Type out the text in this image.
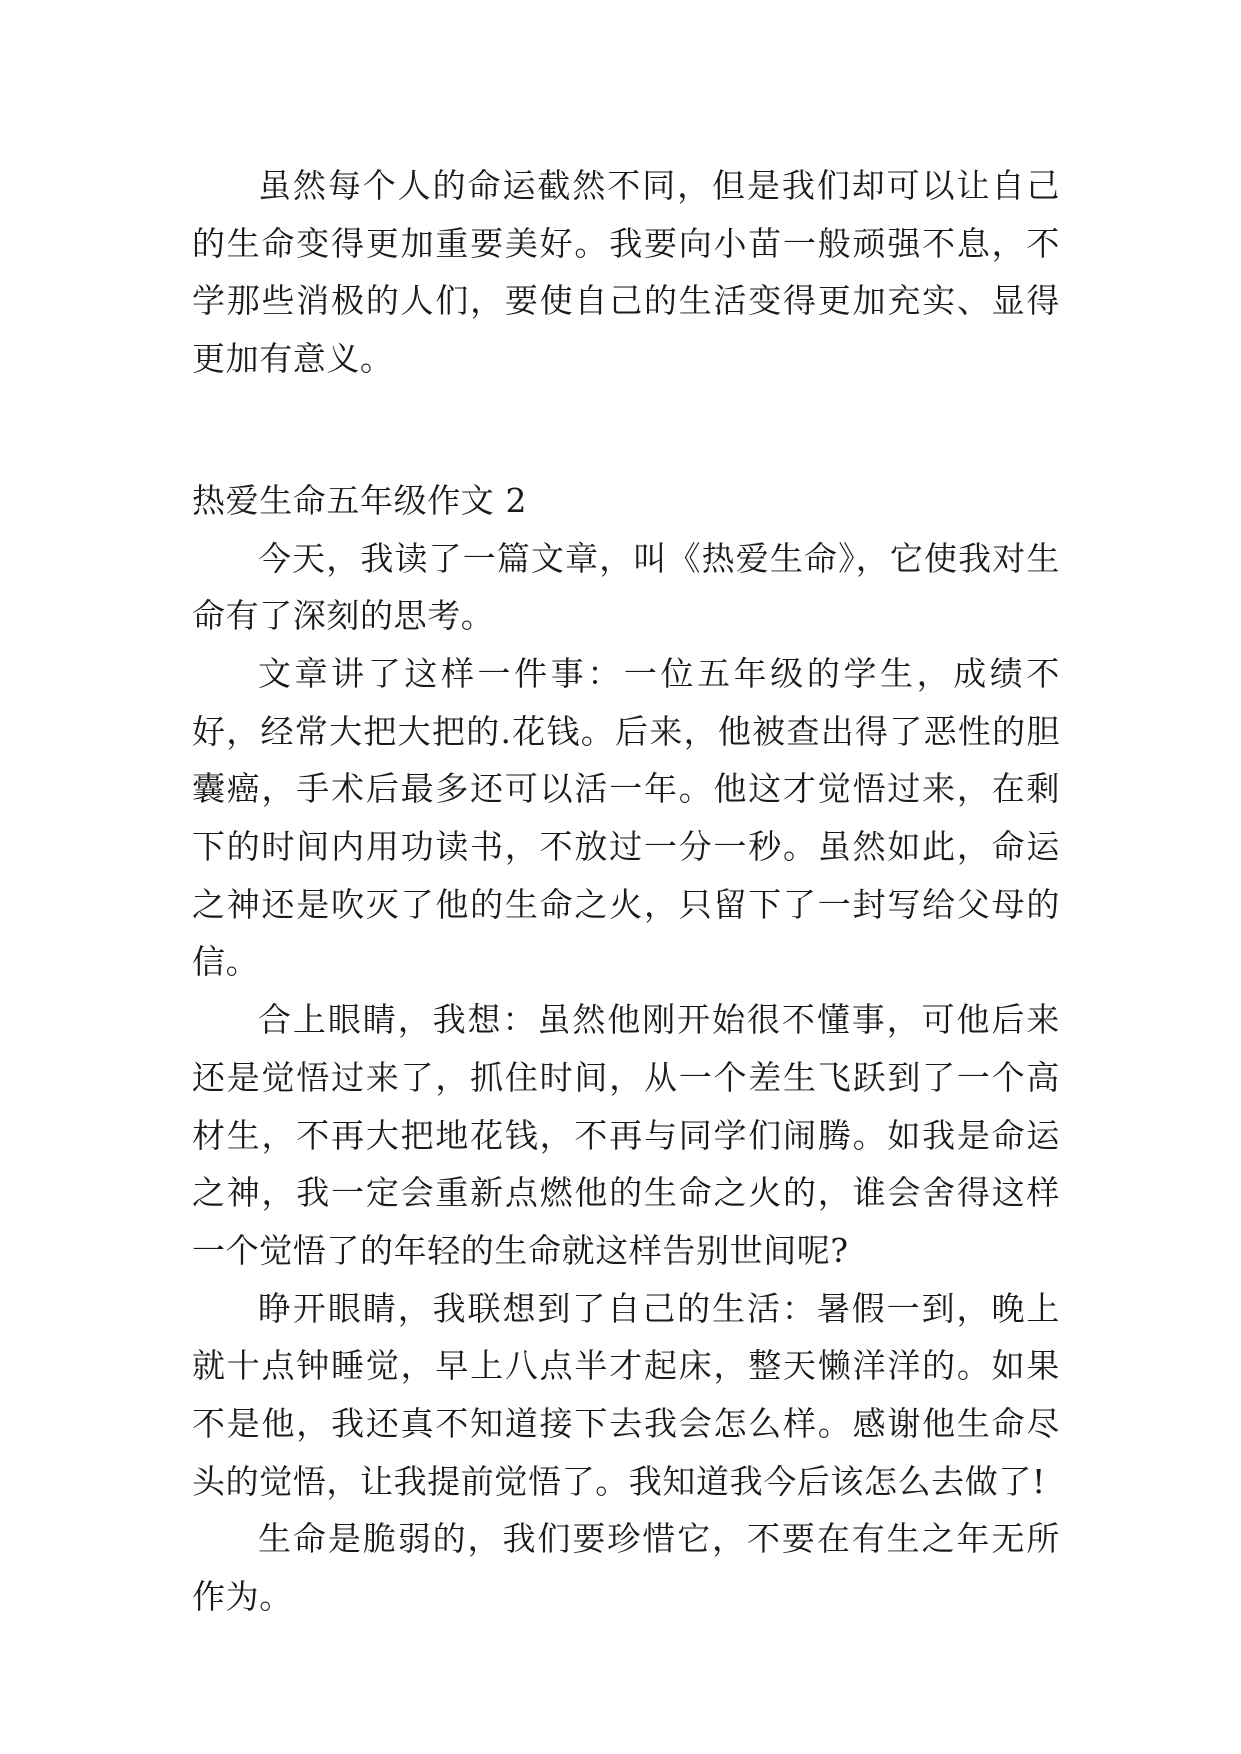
虽然每个人的命运截然不同，但是我们却可以让自己的生命变得更加重要美好。我要向小苗一般顽强不息，不学那些消极的人们，要使自己的生活变得更加充实、显得更加有意义。

热爱生命五年级作文 2

今天，我读了一篇文章，叫《热爱生命》，它使我对生命有了深刻的思考。

文章讲了这样一件事：一位五年级的学生，成绩不好，经常大把大把的.花钱。后来，他被查出得了恶性的胆囊癌，手术后最多还可以活一年。他这才觉悟过来，在剩下的时间内用功读书，不放过一分一秒。虽然如此，命运之神还是吹灭了他的生命之火，只留下了一封写给父母的信。

合上眼睛，我想：虽然他刚开始很不懂事，可他后来还是觉悟过来了，抓住时间，从一个差生飞跃到了一个高材生，不再大把地花钱，不再与同学们闹腾。如我是命运之神，我一定会重新点燃他的生命之火的，谁会舍得这样一个觉悟了的年轻的生命就这样告别世间呢?

睁开眼睛，我联想到了自己的生活：暑假一到，晚上就十点钟睡觉，早上八点半才起床，整天懒洋洋的。如果不是他，我还真不知道接下去我会怎么样。感谢他生命尽头的觉悟，让我提前觉悟了。我知道我今后该怎么去做了!

生命是脆弱的，我们要珍惜它，不要在有生之年无所作为。
